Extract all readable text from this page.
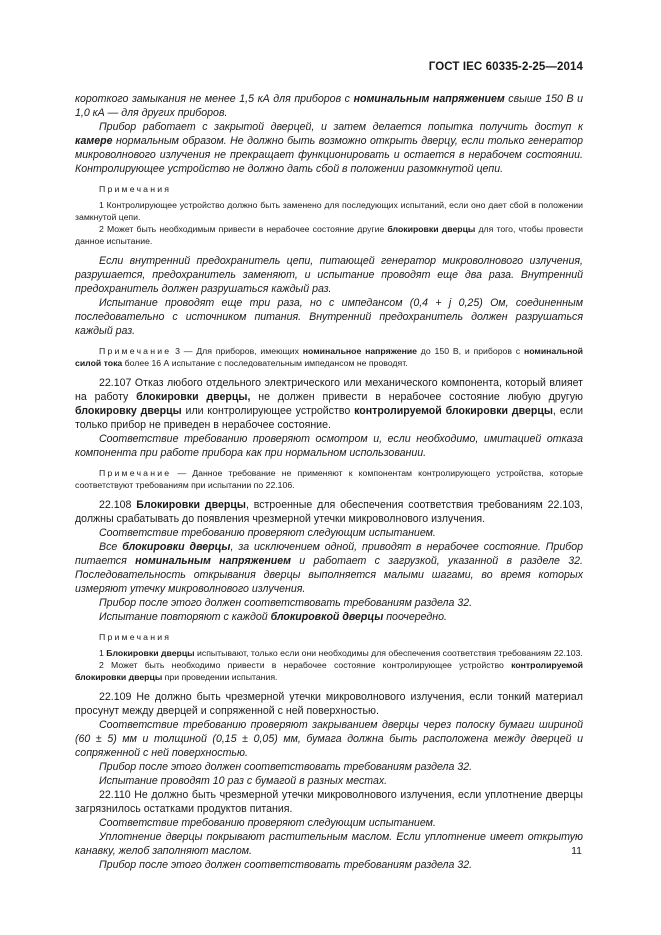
ГОСТ IEC 60335-2-25—2014

короткого замыкания не менее 1,5 кА для приборов с номинальным напряжением свыше 150 В и 1,0 кА — для других приборов.

Прибор работает с закрытой дверцей, и затем делается попытка получить доступ к камере нормальным образом. Не должно быть возможно открыть дверцу, если только генератор микроволнового излучения не прекращает функционировать и остается в нерабочем состоянии. Контролирующее устройство не должно дать сбой в положении разомкнутой цепи.

Примечания

1 Контролирующее устройство должно быть заменено для последующих испытаний, если оно дает сбой в положении замкнутой цепи.

2 Может быть необходимым привести в нерабочее состояние другие блокировки дверцы для того, чтобы провести данное испытание.

Если внутренний предохранитель цепи, питающей генератор микроволнового излучения, разрушается, предохранитель заменяют, и испытание проводят еще два раза. Внутренний предохранитель должен разрушаться каждый раз.

Испытание проводят еще три раза, но с импедансом (0,4 + j 0,25) Ом, соединенным последовательно с источником питания. Внутренний предохранитель должен разрушаться каждый раз.

Примечание 3 — Для приборов, имеющих номинальное напряжение до 150 В, и приборов с номинальной силой тока более 16 А испытание с последовательным импедансом не проводят.

22.107 Отказ любого отдельного электрического или механического компонента, который влияет на работу блокировки дверцы, не должен привести в нерабочее состояние любую другую блокировку дверцы или контролирующее устройство контролируемой блокировки дверцы, если только прибор не приведен в нерабочее состояние.

Соответствие требованию проверяют осмотром и, если необходимо, имитацией отказа компонента при работе прибора как при нормальном использовании.

Примечание — Данное требование не применяют к компонентам контролирующего устройства, которые соответствуют требованиям при испытании по 22.106.

22.108 Блокировки дверцы, встроенные для обеспечения соответствия требованиям 22.103, должны срабатывать до появления чрезмерной утечки микроволнового излучения.

Соответствие требованию проверяют следующим испытанием.

Все блокировки дверцы, за исключением одной, приводят в нерабочее состояние. Прибор питается номинальным напряжением и работает с загрузкой, указанной в разделе 32. Последовательность открывания дверцы выполняется малыми шагами, во время которых измеряют утечку микроволнового излучения.

Прибор после этого должен соответствовать требованиям раздела 32.

Испытание повторяют с каждой блокировкой дверцы поочередно.

Примечания

1 Блокировки дверцы испытывают, только если они необходимы для обеспечения соответствия требованиям 22.103.

2 Может быть необходимо привести в нерабочее состояние контролирующее устройство контролируемой блокировки дверцы при проведении испытания.

22.109 Не должно быть чрезмерной утечки микроволнового излучения, если тонкий материал просунут между дверцей и сопряженной с ней поверхностью.

Соответствие требованию проверяют закрыванием дверцы через полоску бумаги шириной (60 ± 5) мм и толщиной (0,15 ± 0,05) мм, бумага должна быть расположена между дверцей и сопряженной с ней поверхностью.

Прибор после этого должен соответствовать требованиям раздела 32.

Испытание проводят 10 раз с бумагой в разных местах.

22.110 Не должно быть чрезмерной утечки микроволнового излучения, если уплотнение дверцы загрязнилось остатками продуктов питания.

Соответствие требованию проверяют следующим испытанием.

Уплотнение дверцы покрывают растительным маслом. Если уплотнение имеет открытую канавку, желоб заполняют маслом.

Прибор после этого должен соответствовать требованиям раздела 32.

11
